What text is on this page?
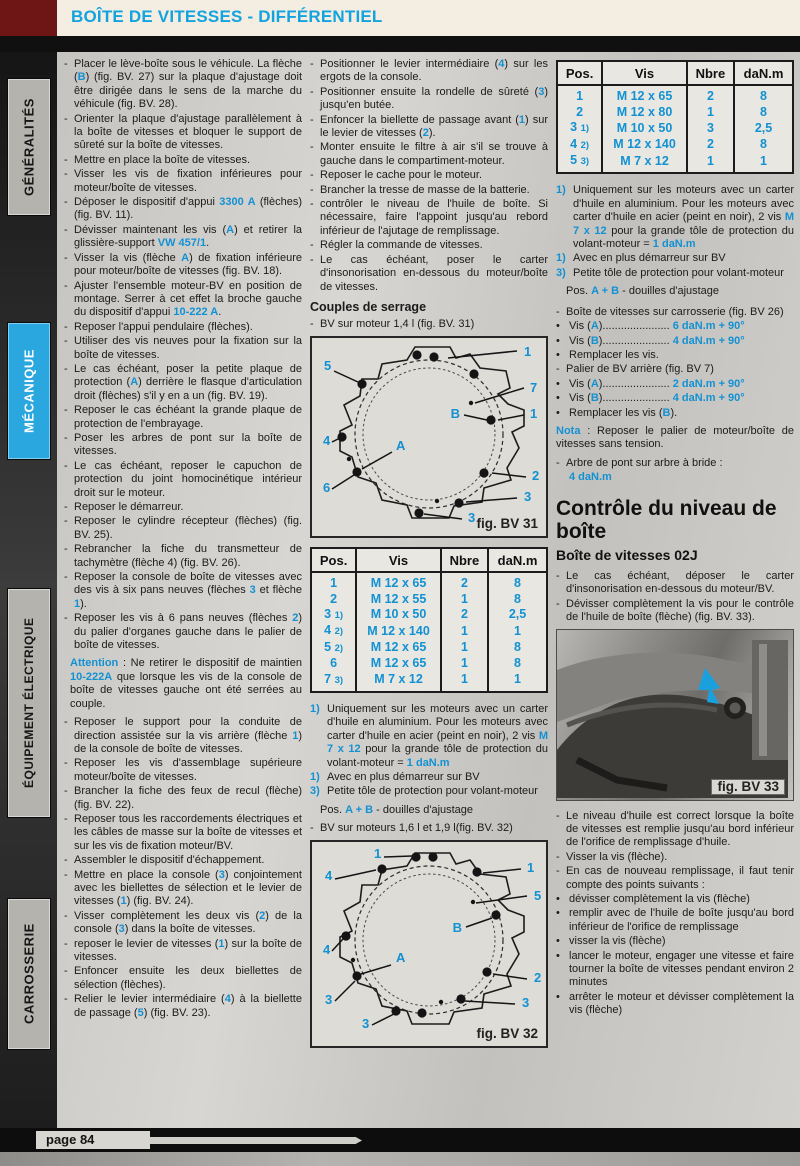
BOÎTE DE VITESSES - DIFFÉRENTIEL
GÉNÉRALITÉS
MÉCANIQUE
ÉQUIPEMENT ÉLECTRIQUE
CARROSSERIE
- Placer le lève-boîte sous le véhicule. La flèche (B) (fig. BV. 27) sur la plaque d'ajustage doit être dirigée dans le sens de la marche du véhicule (fig. BV. 28).
- Orienter la plaque d'ajustage parallèlement à la boîte de vitesses et bloquer le support de sûreté sur la boîte de vitesses.
- Mettre en place la boîte de vitesses.
- Visser les vis de fixation inférieures pour moteur/boîte de vitesses.
- Déposer le dispositif d'appui 3300 A (flèches) (fig. BV. 11).
- Dévisser maintenant les vis (A) et retirer la glissière-support VW 457/1.
- Visser la vis (flèche A) de fixation inférieure pour moteur/boîte de vitesses (fig. BV. 18).
- Ajuster l'ensemble moteur-BV en position de montage. Serrer à cet effet la broche gauche du dispositif d'appui 10-222 A.
- Reposer l'appui pendulaire (flèches).
- Utiliser des vis neuves pour la fixation sur la boîte de vitesses.
- Le cas échéant, poser la petite plaque de protection (A) derrière le flasque d'articulation droit (flèches) s'il y en a un (fig. BV. 19).
- Reposer le cas échéant la grande plaque de protection de l'embrayage.
- Poser les arbres de pont sur la boîte de vitesses.
- Le cas échéant, reposer le capuchon de protection du joint homocinétique intérieur droit sur le moteur.
- Reposer le démarreur.
- Reposer le cylindre récepteur (flèches) (fig. BV. 25).
- Rebrancher la fiche du transmetteur de tachymètre (flèche 4) (fig. BV. 26).
- Reposer la console de boîte de vitesses avec des vis à six pans neuves (flèches 3 et flèche 1).
- Reposer les vis à 6 pans neuves (flèches 2) du palier d'organes gauche dans le palier de boîte de vitesses.
Attention : Ne retirer le dispositif de maintien 10-222A que lorsque les vis de la console de boîte de vitesses gauche ont été serrées au couple.
- Reposer le support pour la conduite de direction assistée sur la vis arrière (flèche 1) de la console de boîte de vitesses.
- Reposer les vis d'assemblage supérieure moteur/boîte de vitesses.
- Brancher la fiche des feux de recul (flèche) (fig. BV. 22).
- Reposer tous les raccordements électriques et les câbles de masse sur la boîte de vitesses et sur les vis de fixation moteur/BV.
- Assembler le dispositif d'échappement.
- Mettre en place la console (3) conjointement avec les biellettes de sélection et le levier de vitesses (1) (fig. BV. 24).
- Visser complètement les deux vis (2) de la console (3) dans la boîte de vitesses.
- reposer le levier de vitesses (1) sur la boîte de vitesses.
- Enfoncer ensuite les deux biellettes de sélection (flèches).
- Relier le levier intermédiaire (4) à la biellette de passage (5) (fig. BV. 23).
- Positionner le levier intermédiaire (4) sur les ergots de la console.
- Positionner ensuite la rondelle de sûreté (3) jusqu'en butée.
- Enfoncer la biellette de passage avant (1) sur le levier de vitesses (2).
- Monter ensuite le filtre à air s'il se trouve à gauche dans le compartiment-moteur.
- Reposer le cache pour le moteur.
- Brancher la tresse de masse de la batterie.
- contrôler le niveau de l'huile de boîte. Si nécessaire, faire l'appoint jusqu'au rebord inférieur de l'ajutage de remplissage.
- Régler la commande de vitesses.
- Le cas échéant, poser le carter d'insonorisation en-dessous du moteur/boîte de vitesses.
Couples de serrage
- BV sur moteur 1,4 l (fig. BV. 31)
1
5
7
B	1
4	A
2
3
3
6
fig. BV 31
Pos.	Vis	Nbre	daN.m
1	M 12 x 65	2	8
2	M 12 x 55	1	8
3 1)	M 10 x 50	2	2,5
4 2)	M 12 x 140	1	1
5 2)	M 12 x 65	1	8
6	M 12 x 65	1	8
7 3)	M 7 x 12	1	1
1) Uniquement sur les moteurs avec un carter d'huile en aluminium. Pour les moteurs avec carter d'huile en acier (peint en noir), 2 vis M 7 x 12 pour la grande tôle de protection du volant-moteur = 1 daN.m
1) Avec en plus démarreur sur BV
3) Petite tôle de protection pour volant-moteur
Pos. A + B - douilles d'ajustage
- BV sur moteurs 1,6 l et 1,9 l(fig. BV. 32)
1
1
4
5
B
4
A
2
3
3
3
fig. BV 32
Pos.	Vis	Nbre	daN.m
1	M 12 x 65	2	8
2	M 12 x 80	1	8
3 1)	M 10 x 50	3	2,5
4 2)	M 12 x 140	2	8
5 3)	M 7 x 12	1	1
1) Uniquement sur les moteurs avec un carter d'huile en aluminium. Pour les moteurs avec carter d'huile en acier (peint en noir), 2 vis M 7 x 12 pour la grande tôle de protection du volant-moteur = 1 daN.m
1) Avec en plus démarreur sur BV
3) Petite tôle de protection pour volant-moteur
Pos. A + B - douilles d'ajustage
- Boîte de vitesses sur carrosserie (fig. BV 26)
• Vis (A)...................... 6 daN.m + 90°
• Vis (B)...................... 4 daN.m + 90°
• Remplacer les vis.
- Palier de BV arrière (fig. BV 7)
• Vis (A)...................... 2 daN.m + 90°
• Vis (B)...................... 4 daN.m + 90°
• Remplacer les vis (B).
Nota : Reposer le palier de moteur/boîte de vitesses sans tension.
- Arbre de pont sur arbre à bride :
4 daN.m
Contrôle du niveau de boîte
Boîte de vitesses 02J
- Le cas échéant, déposer le carter d'insonorisation en-dessous du moteur/BV.
- Dévisser complètement la vis pour le contrôle de l'huile de boîte (flèche) (fig. BV. 33).
fig. BV 33
- Le niveau d'huile est correct lorsque la boîte de vitesses est remplie jusqu'au bord inférieur de l'orifice de remplissage d'huile.
- Visser la vis (flèche).
- En cas de nouveau remplissage, il faut tenir compte des points suivants :
• dévisser complètement la vis (flèche)
• remplir avec de l'huile de boîte jusqu'au bord inférieur de l'orifice de remplissage
• visser la vis (flèche)
• lancer le moteur, engager une vitesse et faire tourner la boîte de vitesses pendant environ 2 minutes
• arrêter le moteur et dévisser complètement la vis (flèche)
page 84
